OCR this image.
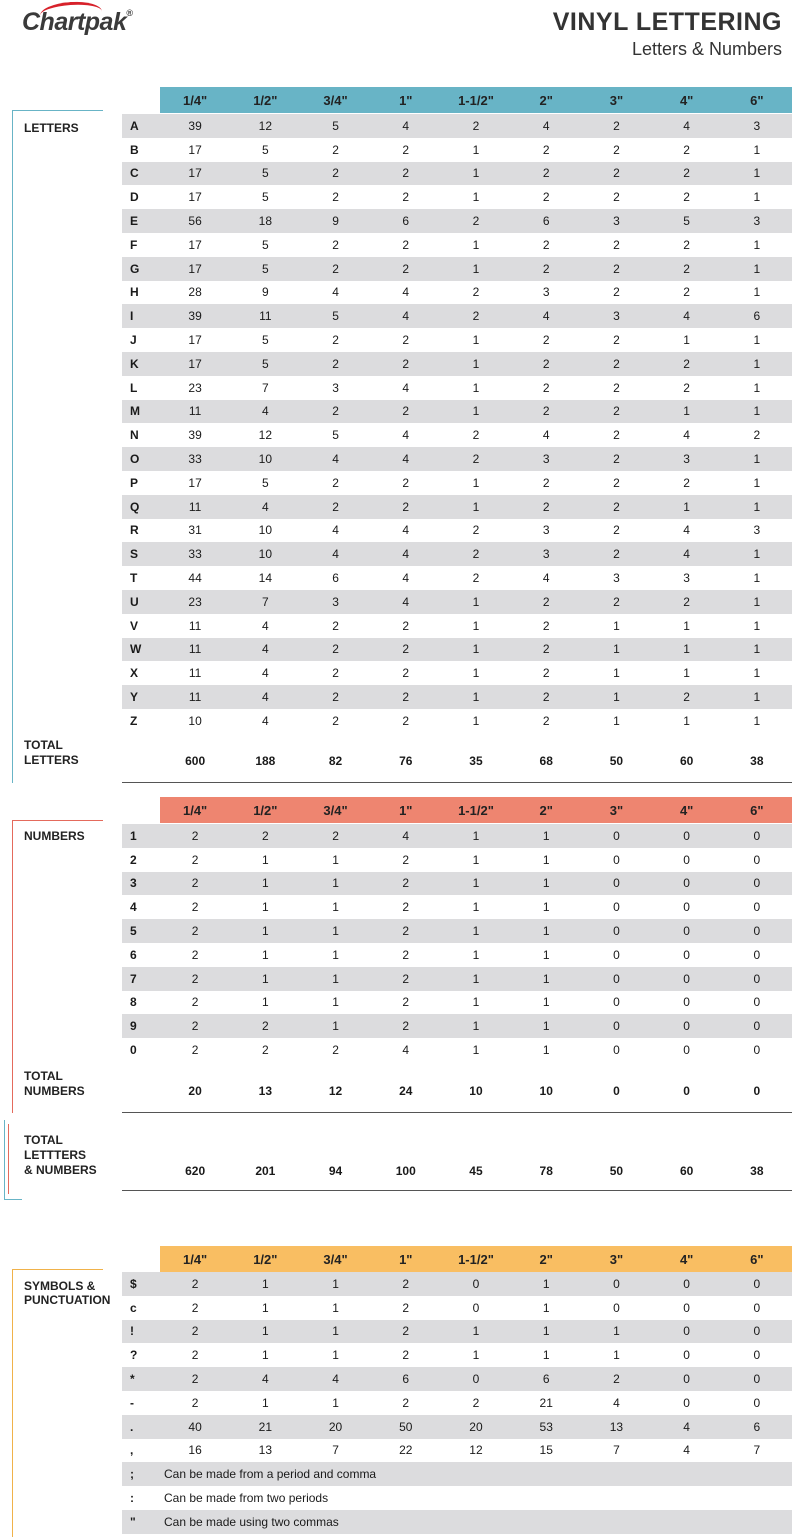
Chartpak®	VINYL LETTERING
Letters & Numbers
1/4"	1/2"	3/4"	1"	1-1/2"	2"	3"	4"	6"
LETTERS	A	39	12	5	4	2	4	2	4	3
B	17	5	2	2	1	2	2	2	1
C	17	5	2	2	1	2	2	2	1
D	17	5	2	2	1	2	2	2	1
E	56	18	9	6	2	6	3	5	3
F	17	5	2	2	1	2	2	2	1
G	17	5	2	2	1	2	2	2	1
H	28	9	4	4	2	3	2	2	1
I	39	11	5	4	2	4	3	4	6
J	17	5	2	2	1	2	2	1	1
K	17	5	2	2	1	2	2	2	1
L	23	7	3	4	1	2	2	2	1
M	11	4	2	2	1	2	2	1	1
N	39	12	5	4	2	4	2	4	2
O	33	10	4	4	2	3	2	3	1
P	17	5	2	2	1	2	2	2	1
Q	11	4	2	2	1	2	2	1	1
R	31	10	4	4	2	3	2	4	3
S	33	10	4	4	2	3	2	4	1
T	44	14	6	4	2	4	3	3	1
U	23	7	3	4	1	2	2	2	1
V	11	4	2	2	1	2	1	1	1
W	11	4	2	2	1	2	1	1	1
X	11	4	2	2	1	2	1	1	1
Y	11	4	2	2	1	2	1	2	1
Z	10	4	2	2	1	2	1	1	1
TOTAL
LETTERS	600	188	82	76	35	68	50	60	38
1/4"	1/2"	3/4"	1"	1-1/2"	2"	3"	4"	6"
NUMBERS	1	2	2	2	4	1	1	0	0	0
2	2	1	1	2	1	1	0	0	0
3	2	1	1	2	1	1	0	0	0
4	2	1	1	2	1	1	0	0	0
5	2	1	1	2	1	1	0	0	0
6	2	1	1	2	1	1	0	0	0
7	2	1	1	2	1	1	0	0	0
8	2	1	1	2	1	1	0	0	0
9	2	2	1	2	1	1	0	0	0
0	2	2	2	4	1	1	0	0	0
TOTAL
NUMBERS	20	13	12	24	10	10	0	0	0
TOTAL
LETTTERS
& NUMBERS	620	201	94	100	45	78	50	60	38
1/4"	1/2"	3/4"	1"	1-1/2"	2"	3"	4"	6"
SYMBOLS &
PUNCTUATION
$	2	1	1	2	0	1	0	0	0
c	2	1	1	2	0	1	0	0	0
!	2	1	1	2	1	1	1	0	0
?	2	1	1	2	1	1	1	0	0
*	2	4	4	6	0	6	2	0	0
-	2	1	1	2	2	21	4	0	0
.	40	21	20	50	20	53	13	4	6
,	16	13	7	22	12	15	7	4	7
;	Can be made from a period and comma
:	Can be made from two periods
"	Can be made using two commas
